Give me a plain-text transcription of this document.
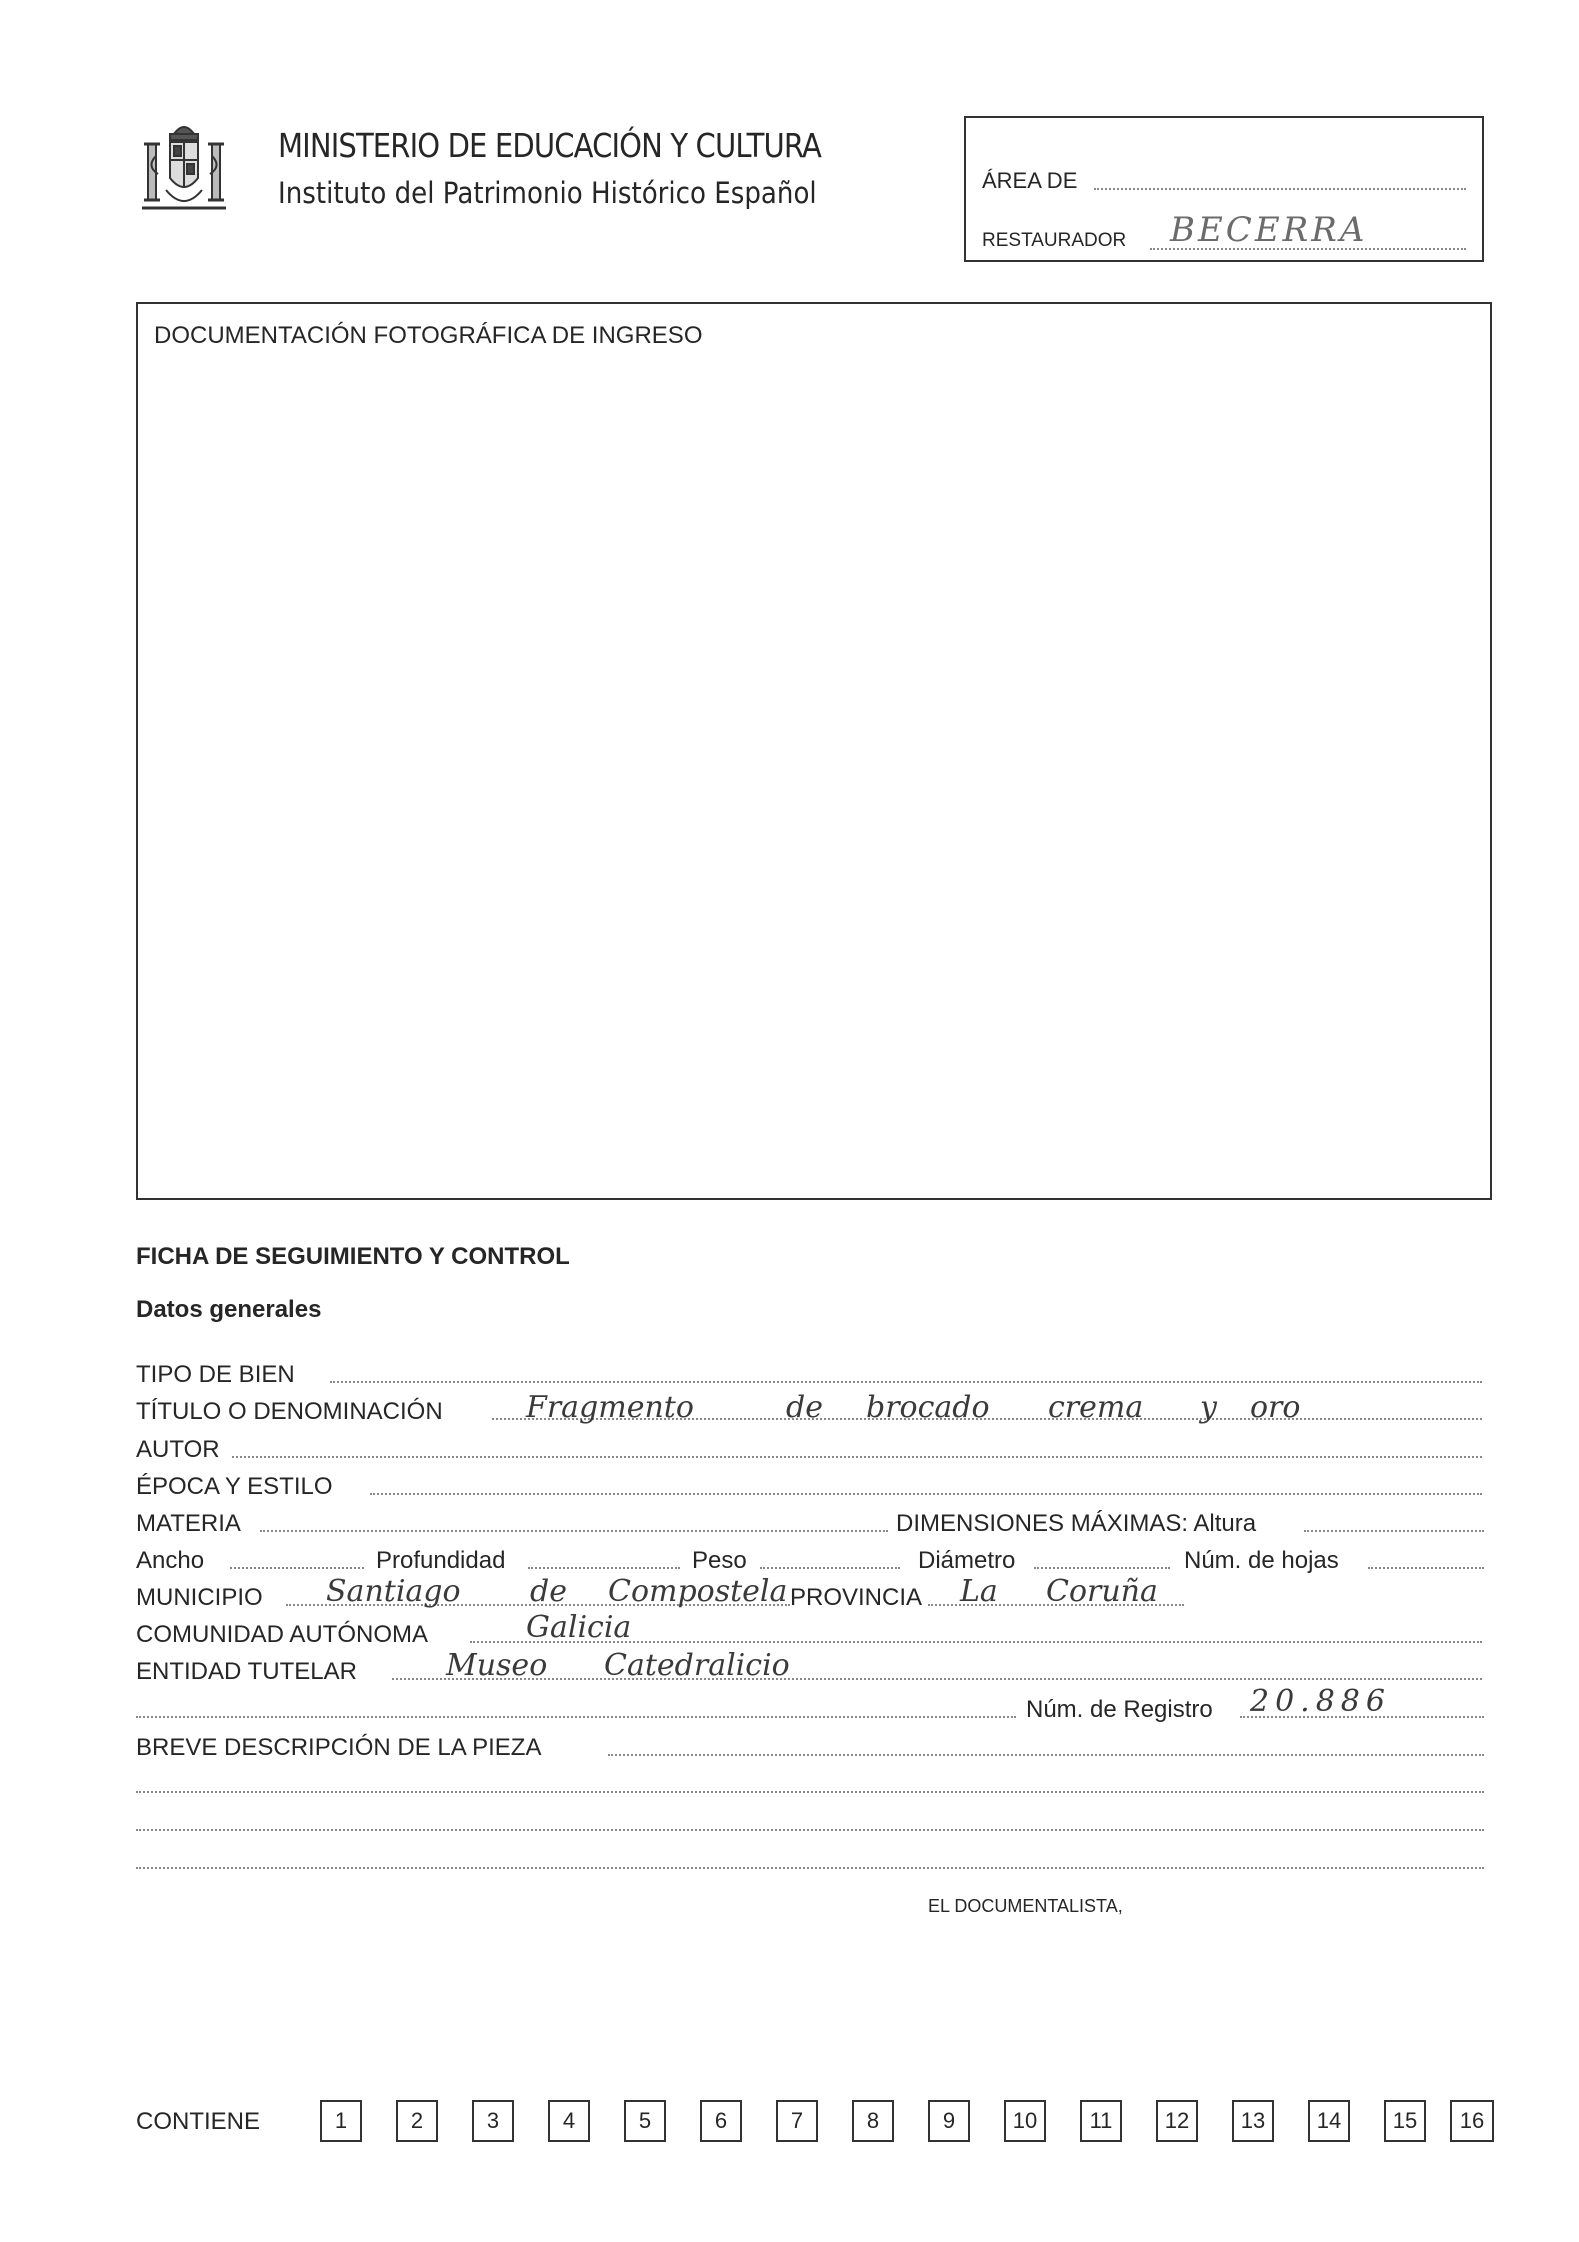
MINISTERIO DE EDUCACIÓN Y CULTURA
Instituto del Patrimonio Histórico Español	ÁREA DE
RESTAURADOR BECERRA
DOCUMENTACIÓN FOTOGRÁFICA DE INGRESO
FICHA DE SEGUIMIENTO Y CONTROL
Datos generales
TIPO DE BIEN
TÍTULO O DENOMINACIÓN	Fragmento	de brocado crema y oro
AUTOR
ÉPOCA Y ESTILO
MATERIA	DIMENSIONES MÁXIMAS: Altura
Ancho	Profundidad	Peso	Diámetro	Núm. de hojas
MUNICIPIO Santiago de Compostela PROVINCIA La Coruña
COMUNIDAD AUTÓNOMA	Galicia
ENTIDAD TUTELAR	Museo Catedralicio
Núm. de Registro 20.886
BREVE DESCRIPCIÓN DE LA PIEZA
EL DOCUMENTALISTA,
CONTIENE	1	2	3	4	5	6	7	8	9	10	11	12	13	14	15	16
